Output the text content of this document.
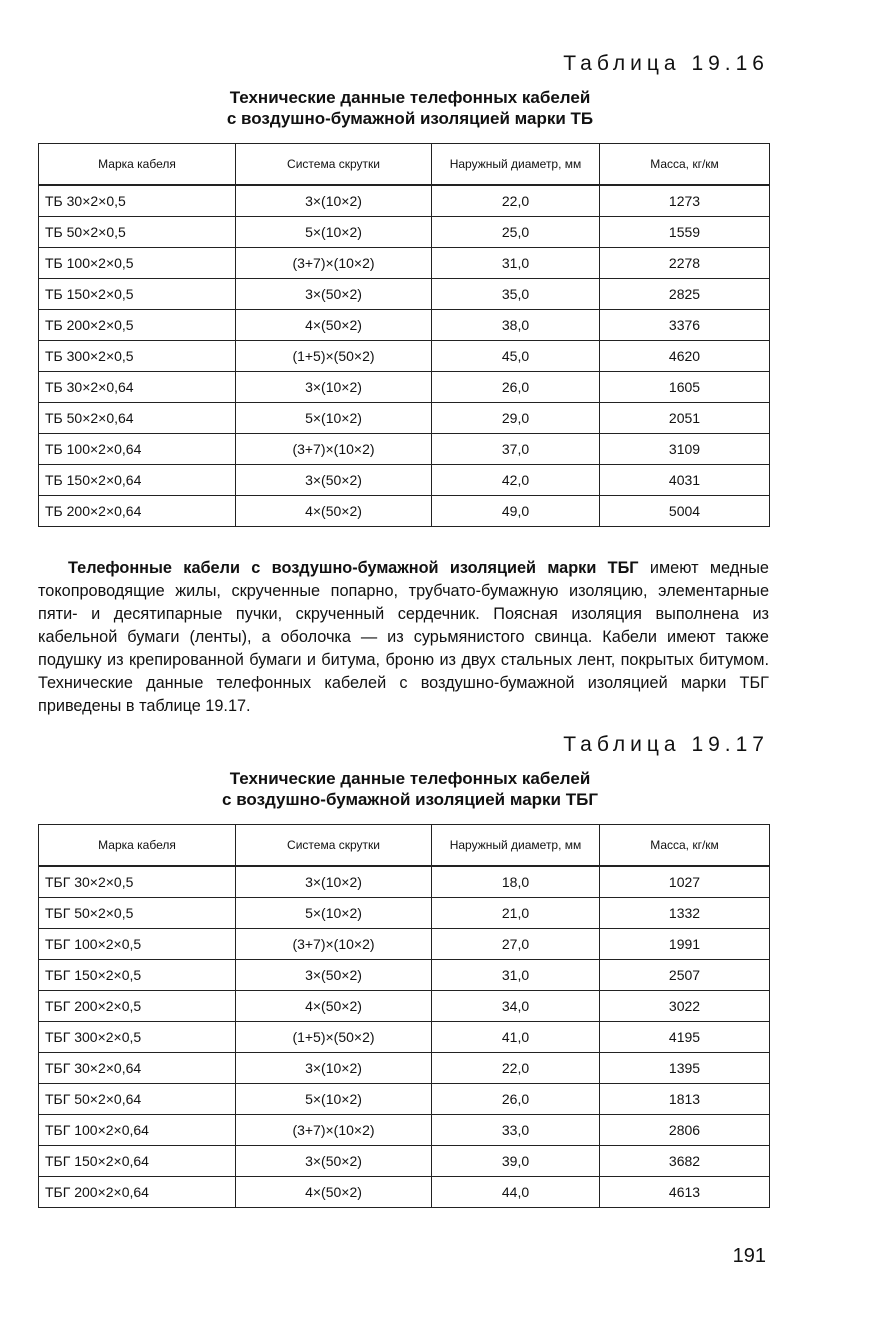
Таблица 19.16
Технические данные телефонных кабелей
с воздушно-бумажной изоляцией марки ТБ
Марка кабеля	Система скрутки	Наружный диаметр, мм	Масса, кг/км
ТБ 30×2×0,5	3×(10×2)	22,0	1273
ТБ 50×2×0,5	5×(10×2)	25,0	1559
ТБ 100×2×0,5	(3+7)×(10×2)	31,0	2278
ТБ 150×2×0,5	3×(50×2)	35,0	2825
ТБ 200×2×0,5	4×(50×2)	38,0	3376
ТБ 300×2×0,5	(1+5)×(50×2)	45,0	4620
ТБ 30×2×0,64	3×(10×2)	26,0	1605
ТБ 50×2×0,64	5×(10×2)	29,0	2051
ТБ 100×2×0,64	(3+7)×(10×2)	37,0	3109
ТБ 150×2×0,64	3×(50×2)	42,0	4031
ТБ 200×2×0,64	4×(50×2)	49,0	5004
Телефонные кабели с воздушно-бумажной изоляцией марки ТБГ имеют медные токопроводящие жилы, скрученные попарно, трубчато-бумажную изоляцию, элементарные пяти- и десятипарные пучки, скрученный сердечник. Поясная изоляция выполнена из кабельной бумаги (ленты), а оболочка — из сурьмянистого свинца. Кабели имеют также подушку из крепированной бумаги и битума, броню из двух стальных лент, покрытых битумом. Технические данные телефонных кабелей с воздушно-бумажной изоляцией марки ТБГ приведены в таблице 19.17.
Таблица 19.17
Технические данные телефонных кабелей
с воздушно-бумажной изоляцией марки ТБГ
Марка кабеля	Система скрутки	Наружный диаметр, мм	Масса, кг/км
ТБГ 30×2×0,5	3×(10×2)	18,0	1027
ТБГ 50×2×0,5	5×(10×2)	21,0	1332
ТБГ 100×2×0,5	(3+7)×(10×2)	27,0	1991
ТБГ 150×2×0,5	3×(50×2)	31,0	2507
ТБГ 200×2×0,5	4×(50×2)	34,0	3022
ТБГ 300×2×0,5	(1+5)×(50×2)	41,0	4195
ТБГ 30×2×0,64	3×(10×2)	22,0	1395
ТБГ 50×2×0,64	5×(10×2)	26,0	1813
ТБГ 100×2×0,64	(3+7)×(10×2)	33,0	2806
ТБГ 150×2×0,64	3×(50×2)	39,0	3682
ТБГ 200×2×0,64	4×(50×2)	44,0	4613
191
